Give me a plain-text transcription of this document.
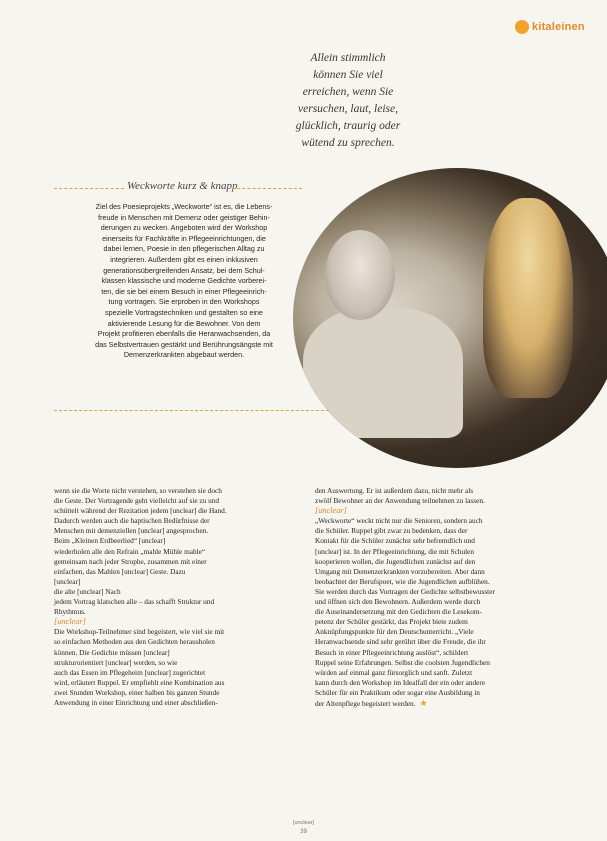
kitaleinen
Allein stimmlich
können Sie viel
erreichen, wenn Sie
versuchen, laut, leise,
glücklich, traurig oder
wütend zu sprechen.
Weckworte kurz & knapp
Ziel des Poesieprojekts „Weckworte“ ist es, die Lebens-
freude in Menschen mit Demenz oder geistiger Behin-
derungen zu wecken. Angeboten wird der Workshop
einerseits für Fachkräfte in Pflegeeinrichtungen, die
dabei lernen, Poesie in den pflegerischen Alltag zu
integrieren. Außerdem gibt es einen inklusiven
generationsübergreifenden Ansatz, bei dem Schul-
klassen klassische und moderne Gedichte vorberei-
ten, die sie bei einem Besuch in einer Pflegeeinrich-
tung vortragen. Sie erproben in den Workshops
spezielle Vortragstechniken und gestalten so eine
aktivierende Lesung für die Bewohner. Von dem
Projekt profitieren ebenfalls die Heranwachsenden, da
das Selbstvertrauen gestärkt und Berührungsängste mit
Demenzerkrankten abgebaut werden.

wenn sie die Worte nicht verstehen, so verstehen sie doch

die Geste. Der Vortragende geht vielleicht auf sie zu und

schüttelt während der Rezitation jedem [unclear] die Hand.

Dadurch werden auch die haptischen Bedürfnisse der

Menschen mit demenziellen [unclear] angesprochen.

Beim „Kleinen Erdbeerlied“ [unclear]

wiederholen alle den Refrain „mahle Mühle mahle“

gemeinsam nach jeder Strophe, zusammen mit einer

einfachen, das Mahlen [unclear] Geste. Dazu

[unclear]

die alte [unclear] Nach

jedem Vortrag klatschen alle – das schafft Struktur und

Rhythmus.

[unclear]

Die Workshop-Teilnehmer sind begeistert, wie viel sie mit

so einfachen Methoden aus den Gedichten herausholen

können. Die Gedichte müssen [unclear]

strukturorientiert [unclear] werden, so wie

auch das Essen im Pflegeheim [unclear] zugerichtet

wird, erläutert Ruppel. Er empfiehlt eine Kombination aus

zwei Stunden Workshop, einer halben bis ganzen Stunde

Anwendung in einer Einrichtung und einer abschließen-

den Auswertung. Er ist außerdem dazu, nicht mehr als

zwölf Bewohner an der Anwendung teilnehmen zu lassen.

[unclear]

„Weckworte“ weckt nicht nur die Senioren, sondern auch

die Schüler. Ruppel gibt zwar zu bedenken, dass der

Kontakt für die Schüler zunächst sehr befremdlich und

[unclear] ist. In der Pflegeeinrichtung, die mit Schulen

kooperieren wollen, die Jugendlichen zunächst auf den

Umgang mit Demenzerkrankten vorzubereiten. Aber dann

beobachtet der Berufspoet, wie die Jugendlichen aufblühen.

Sie werden durch das Vortragen der Gedichte selbstbewusster

und öffnen sich den Bewohnern. Außerdem werde durch

die Auseinandersetzung mit den Gedichten die Lesekom-

petenz der Schüler gestärkt, das Projekt biete zudem

Anknüpfungspunkte für den Deutschunterricht. „Viele

Heranwachsende sind sehr gerührt über die Freude, die ihr

Besuch in einer Pflegeeinrichtung auslöst“, schildert

Ruppel seine Erfahrungen. Selbst die coolsten Jugendlichen

würden auf einmal ganz fürsorglich und sanft. Zuletzt

kann durch den Workshop im Idealfall der ein oder andere

Schüler für ein Praktikum oder sogar eine Ausbildung in

der Altenpflege begeistert werden. ★

[unclear]
39
